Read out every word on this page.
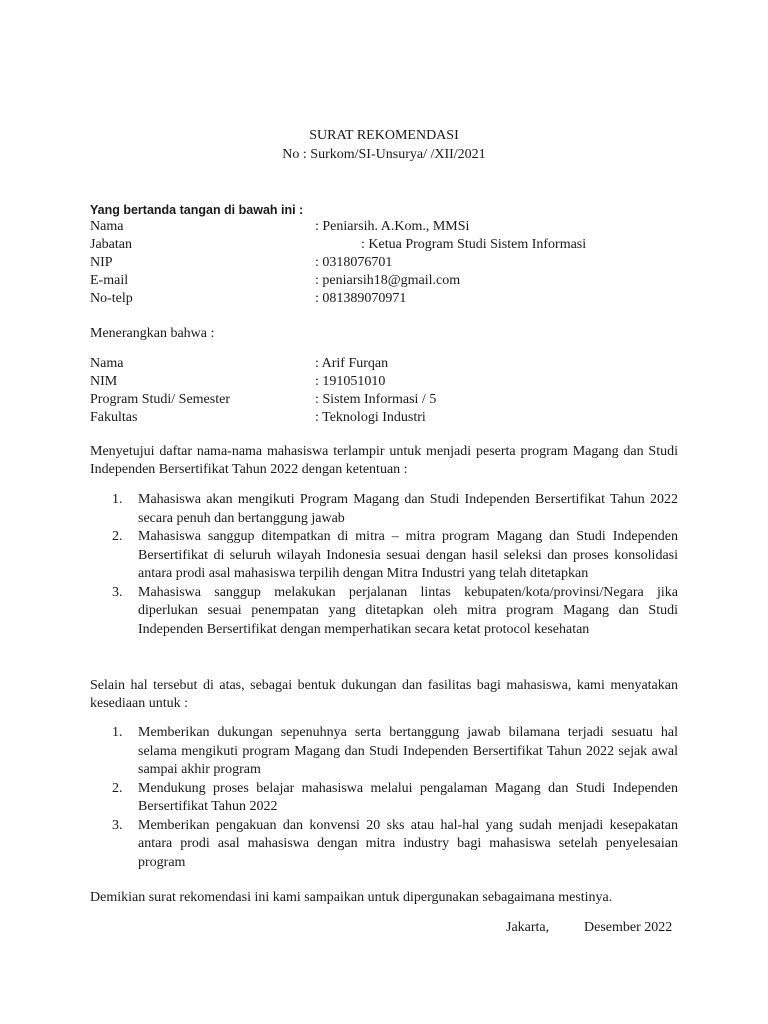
SURAT REKOMENDASI
No : Surkom/SI-Unsurya/ /XII/2021
Yang bertanda tangan di bawah ini :
Nama	: Peniarsih. A.Kom., MMSi
Jabatan	: Ketua Program Studi Sistem Informasi
NIP	: 0318076701
E-mail	: peniarsih18@gmail.com
No-telp	: 081389070971
Menerangkan bahwa :
Nama	: Arif Furqan
NIM	: 191051010
Program Studi/ Semester	: Sistem Informasi / 5
Fakultas	: Teknologi Industri
Menyetujui daftar nama-nama mahasiswa terlampir untuk menjadi peserta program Magang dan Studi Independen Bersertifikat Tahun 2022 dengan ketentuan :
1. Mahasiswa akan mengikuti Program Magang dan Studi Independen Bersertifikat Tahun 2022 secara penuh dan bertanggung jawab
2. Mahasiswa sanggup ditempatkan di mitra – mitra program Magang dan Studi Independen Bersertifikat di seluruh wilayah Indonesia sesuai dengan hasil seleksi dan proses konsolidasi antara prodi asal mahasiswa terpilih dengan Mitra Industri yang telah ditetapkan
3. Mahasiswa sanggup melakukan perjalanan lintas kebupaten/kota/provinsi/Negara jika diperlukan sesuai penempatan yang ditetapkan oleh mitra program Magang dan Studi Independen Bersertifikat dengan memperhatikan secara ketat protocol kesehatan
Selain hal tersebut di atas, sebagai bentuk dukungan dan fasilitas bagi mahasiswa, kami menyatakan kesediaan untuk :
1. Memberikan dukungan sepenuhnya serta bertanggung jawab bilamana terjadi sesuatu hal selama mengikuti program Magang dan Studi Independen Bersertifikat Tahun 2022 sejak awal sampai akhir program
2. Mendukung proses belajar mahasiswa melalui pengalaman Magang dan Studi Independen Bersertifikat Tahun 2022
3. Memberikan pengakuan dan konvensi 20 sks atau hal-hal yang sudah menjadi kesepakatan antara prodi asal mahasiswa dengan mitra industry bagi mahasiswa setelah penyelesaian program
Demikian surat rekomendasi ini kami sampaikan untuk dipergunakan sebagaimana mestinya.
Jakarta, Desember 2022
